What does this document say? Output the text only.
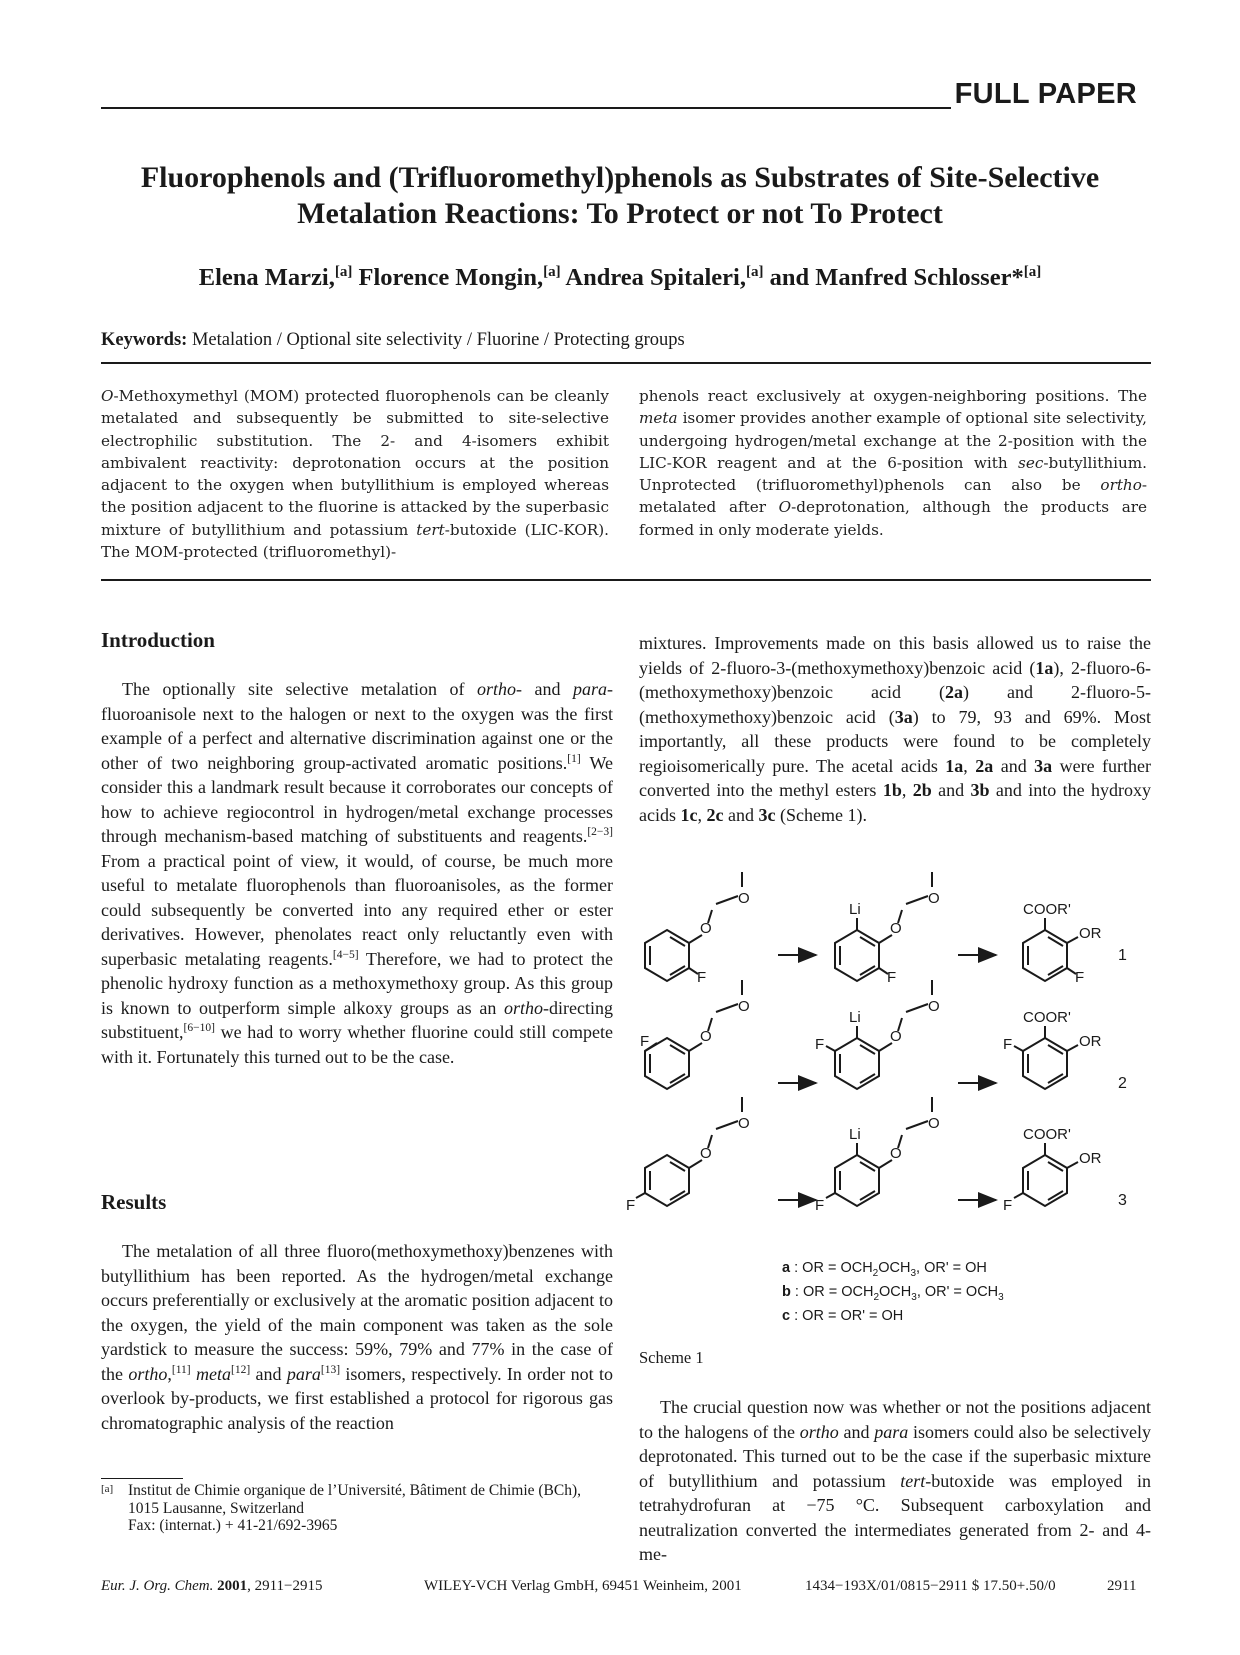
FULL PAPER
Fluorophenols and (Trifluoromethyl)phenols as Substrates of Site-Selective
Metalation Reactions: To Protect or not To Protect
Elena Marzi,[a] Florence Mongin,[a] Andrea Spitaleri,[a] and Manfred Schlosser*[a]
Keywords: Metalation / Optional site selectivity / Fluorine / Protecting groups
O-Methoxymethyl (MOM) protected fluorophenols can be cleanly metalated and subsequently be submitted to site-selective electrophilic substitution. The 2- and 4-isomers exhibit ambivalent reactivity: deprotonation occurs at the position adjacent to the oxygen when butyllithium is employed whereas the position adjacent to the fluorine is attacked by the superbasic mixture of butyllithium and potassium tert-butoxide (LIC-KOR). The MOM-protected (trifluoromethyl)-
phenols react exclusively at oxygen-neighboring positions. The meta isomer provides another example of optional site selectivity, undergoing hydrogen/metal exchange at the 2-position with the LIC-KOR reagent and at the 6-position with sec-butyllithium. Unprotected (trifluoromethyl)phenols can also be ortho-metalated after O-deprotonation, although the products are formed in only moderate yields.
Introduction

The optionally site selective metalation of ortho- and para-fluoroanisole next to the halogen or next to the oxygen was the first example of a perfect and alternative discrimination against one or the other of two neighboring group-activated aromatic positions.[1] We consider this a landmark result because it corroborates our concepts of how to achieve regiocontrol in hydrogen/metal exchange processes through mechanism-based matching of substituents and reagents.[2−3] From a practical point of view, it would, of course, be much more useful to metalate fluorophenols than fluoroanisoles, as the former could subsequently be converted into any required ether or ester derivatives. However, phenolates react only reluctantly even with superbasic metalating reagents.[4−5] Therefore, we had to protect the phenolic hydroxy function as a methoxymethoxy group. As this group is known to outperform simple alkoxy groups as an ortho-directing substituent,[6−10] we had to worry whether fluorine could still compete with it. Fortunately this turned out to be the case.

Results

The metalation of all three fluoro(methoxymethoxy)benzenes with butyllithium has been reported. As the hydrogen/metal exchange occurs preferentially or exclusively at the aromatic position adjacent to the oxygen, the yield of the main component was taken as the sole yardstick to measure the success: 59%, 79% and 77% in the case of the ortho,[11] meta[12] and para[13] isomers, respectively. In order not to overlook by-products, we first established a protocol for rigorous gas chromatographic analysis of the reaction

[a] Institut de Chimie organique de l’Université, Bâtiment de Chimie (BCh),
1015 Lausanne, Switzerland
Fax: (internat.) + 41-21/692-3965

mixtures. Improvements made on this basis allowed us to raise the yields of 2-fluoro-3-(methoxymethoxy)benzoic acid (1a), 2-fluoro-6-(methoxymethoxy)benzoic acid (2a) and 2-fluoro-5-(methoxymethoxy)benzoic acid (3a) to 79, 93 and 69%. Most importantly, all these products were found to be completely regioisomerically pure. The acetal acids 1a, 2a and 3a were further converted into the methyl esters 1b, 2b and 3b and into the hydroxy acids 1c, 2c and 3c (Scheme 1).

O
O
F
Li
O
O
F
COOR'
OR
F
1
O
O
F
Li
O
O
F
COOR'
OR
F
2
O
O
F
Li
O
O
F
COOR'
OR
F	3
a : OR = $OCH_2OCH_3$, OR' = OH
b : OR = $OCH_2OCH_3$, $OR' = OCH_3$
c : OR = OR' = OH
Scheme 1

The crucial question now was whether or not the positions adjacent to the halogens of the ortho and para isomers could also be selectively deprotonated. This turned out to be the case if the superbasic mixture of butyllithium and potassium tert-butoxide was employed in tetrahydrofuran at −75 °C. Subsequent carboxylation and neutralization converted the intermediates generated from 2- and 4-me-

Eur. J. Org. Chem. 2001, 2911−2915	WILEY-VCH Verlag GmbH, 69451 Weinheim, 2001	1434−193X/01/0815−2911 $ 17.50+.50/0	2911
